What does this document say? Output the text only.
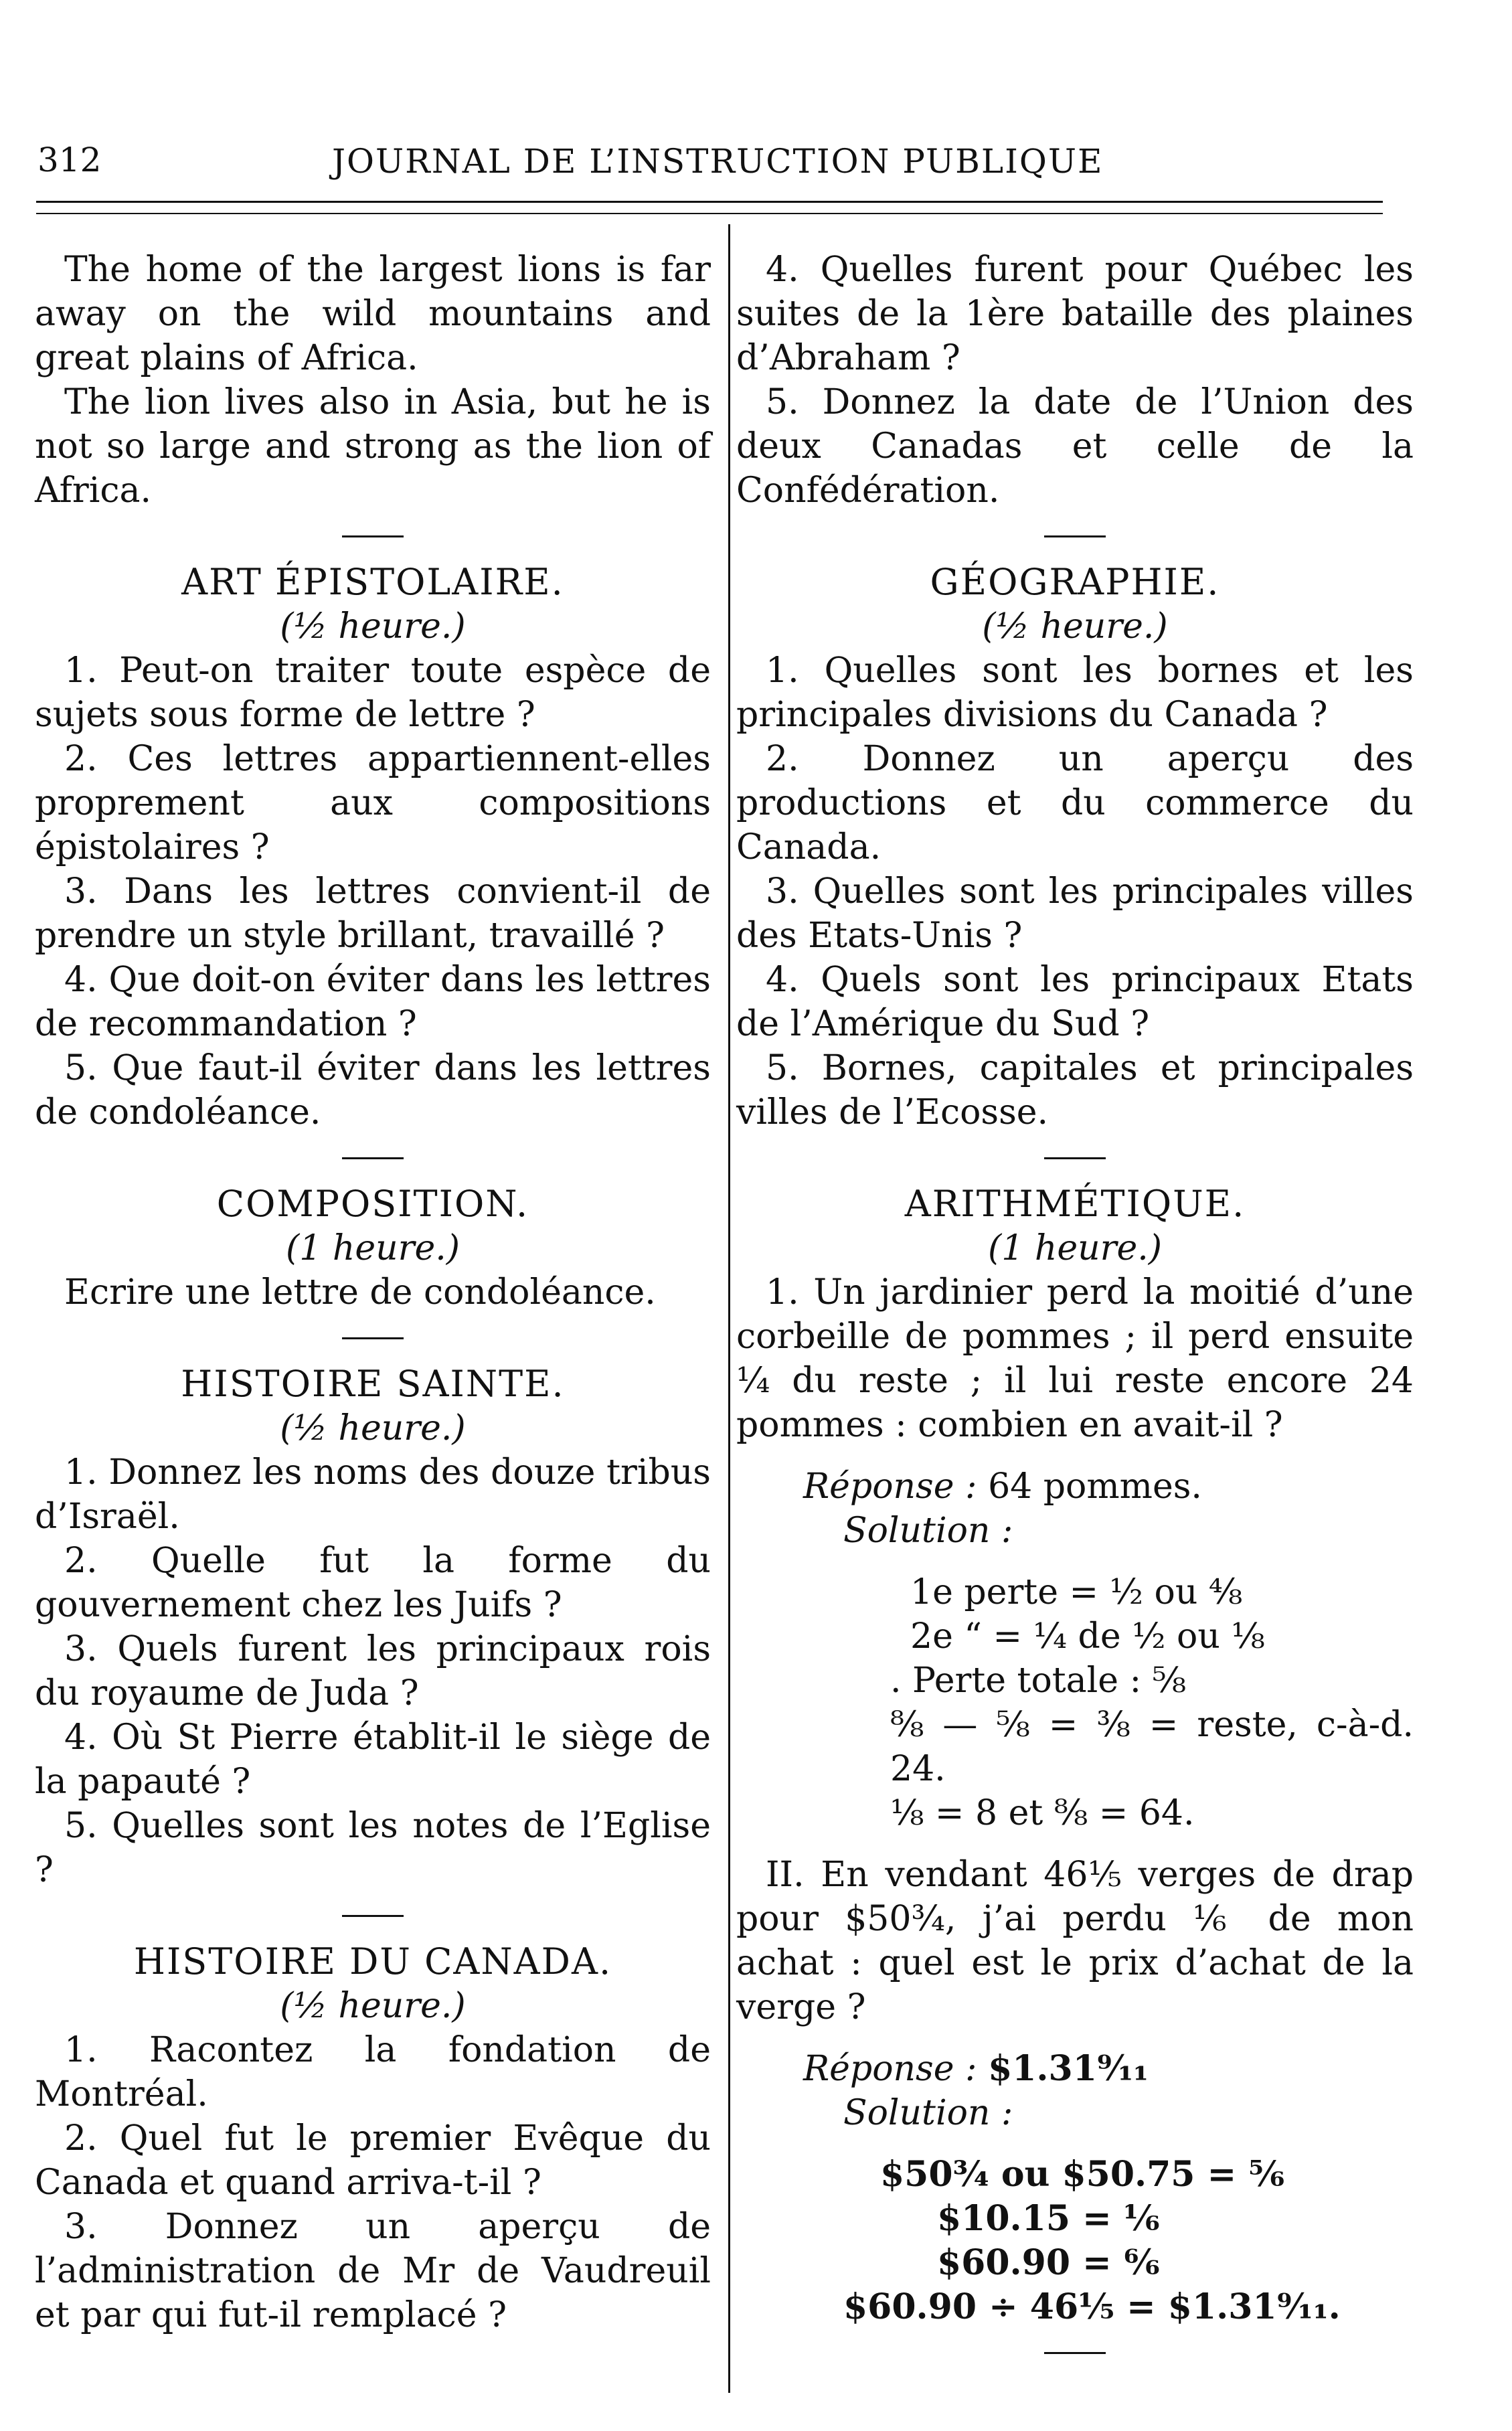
312	JOURNAL DE L’INSTRUCTION PUBLIQUE

The home of the largest lions is far away on the wild mountains and great plains of Africa.

The lion lives also in Asia, but he is not so large and strong as the lion of Africa.

ART ÉPISTOLAIRE.

(½ heure.)

1. Peut-on traiter toute espèce de sujets sous forme de lettre ?

2. Ces lettres appartiennent-elles proprement aux compositions épistolaires ?

3. Dans les lettres convient-il de prendre un style brillant, travaillé ?

4. Que doit-on éviter dans les lettres de recommandation ?

5. Que faut-il éviter dans les lettres de condoléance.

COMPOSITION.

(1 heure.)

Ecrire une lettre de condoléance.

HISTOIRE SAINTE.

(½ heure.)

1. Donnez les noms des douze tribus d’Israël.

2. Quelle fut la forme du gouvernement chez les Juifs ?

3. Quels furent les principaux rois du royaume de Juda ?

4. Où St Pierre établit-il le siège de la papauté ?

5. Quelles sont les notes de l’Eglise ?

HISTOIRE DU CANADA.

(½ heure.)

1. Racontez la fondation de Montréal.

2. Quel fut le premier Evêque du Canada et quand arriva-t-il ?

3. Donnez un aperçu de l’administration de Mr de Vaudreuil et par qui fut-il remplacé ?

4. Quelles furent pour Québec les suites de la 1ère bataille des plaines d’Abraham ?

5. Donnez la date de l’Union des deux Canadas et celle de la Confédération.

GÉOGRAPHIE.

(½ heure.)

1. Quelles sont les bornes et les principales divisions du Canada ?

2. Donnez un aperçu des productions et du commerce du Canada.

3. Quelles sont les principales villes des Etats-Unis ?

4. Quels sont les principaux Etats de l’Amérique du Sud ?

5. Bornes, capitales et principales villes de l’Ecosse.

ARITHMÉTIQUE.

(1 heure.)

1. Un jardinier perd la moitié d’une corbeille de pommes ; il perd ensuite ¼ du reste ; il lui reste encore 24 pommes : combien en avait-il ?

Réponse : 64 pommes.

Solution :

1e perte = ½ ou ⁴⁄₈

2e “ = ¼ de ½ ou ⅛

. Perte totale : ⅝

⁸⁄₈ — ⅝ = ⅜ = reste, c-à-d. 24.

⅛ = 8 et ⁸⁄₈ = 64.

II. En vendant 46⅕ verges de drap pour $50¾, j’ai perdu ⅙ de mon achat : quel est le prix d’achat de la verge ?

Réponse : $1.31⁹⁄₁₁

Solution :

$50¾ ou $50.75 = ⅚

$10.15 = ⅙

$60.90 = ⁶⁄₆

$60.90 ÷ 46⅕ = $1.31⁹⁄₁₁.
